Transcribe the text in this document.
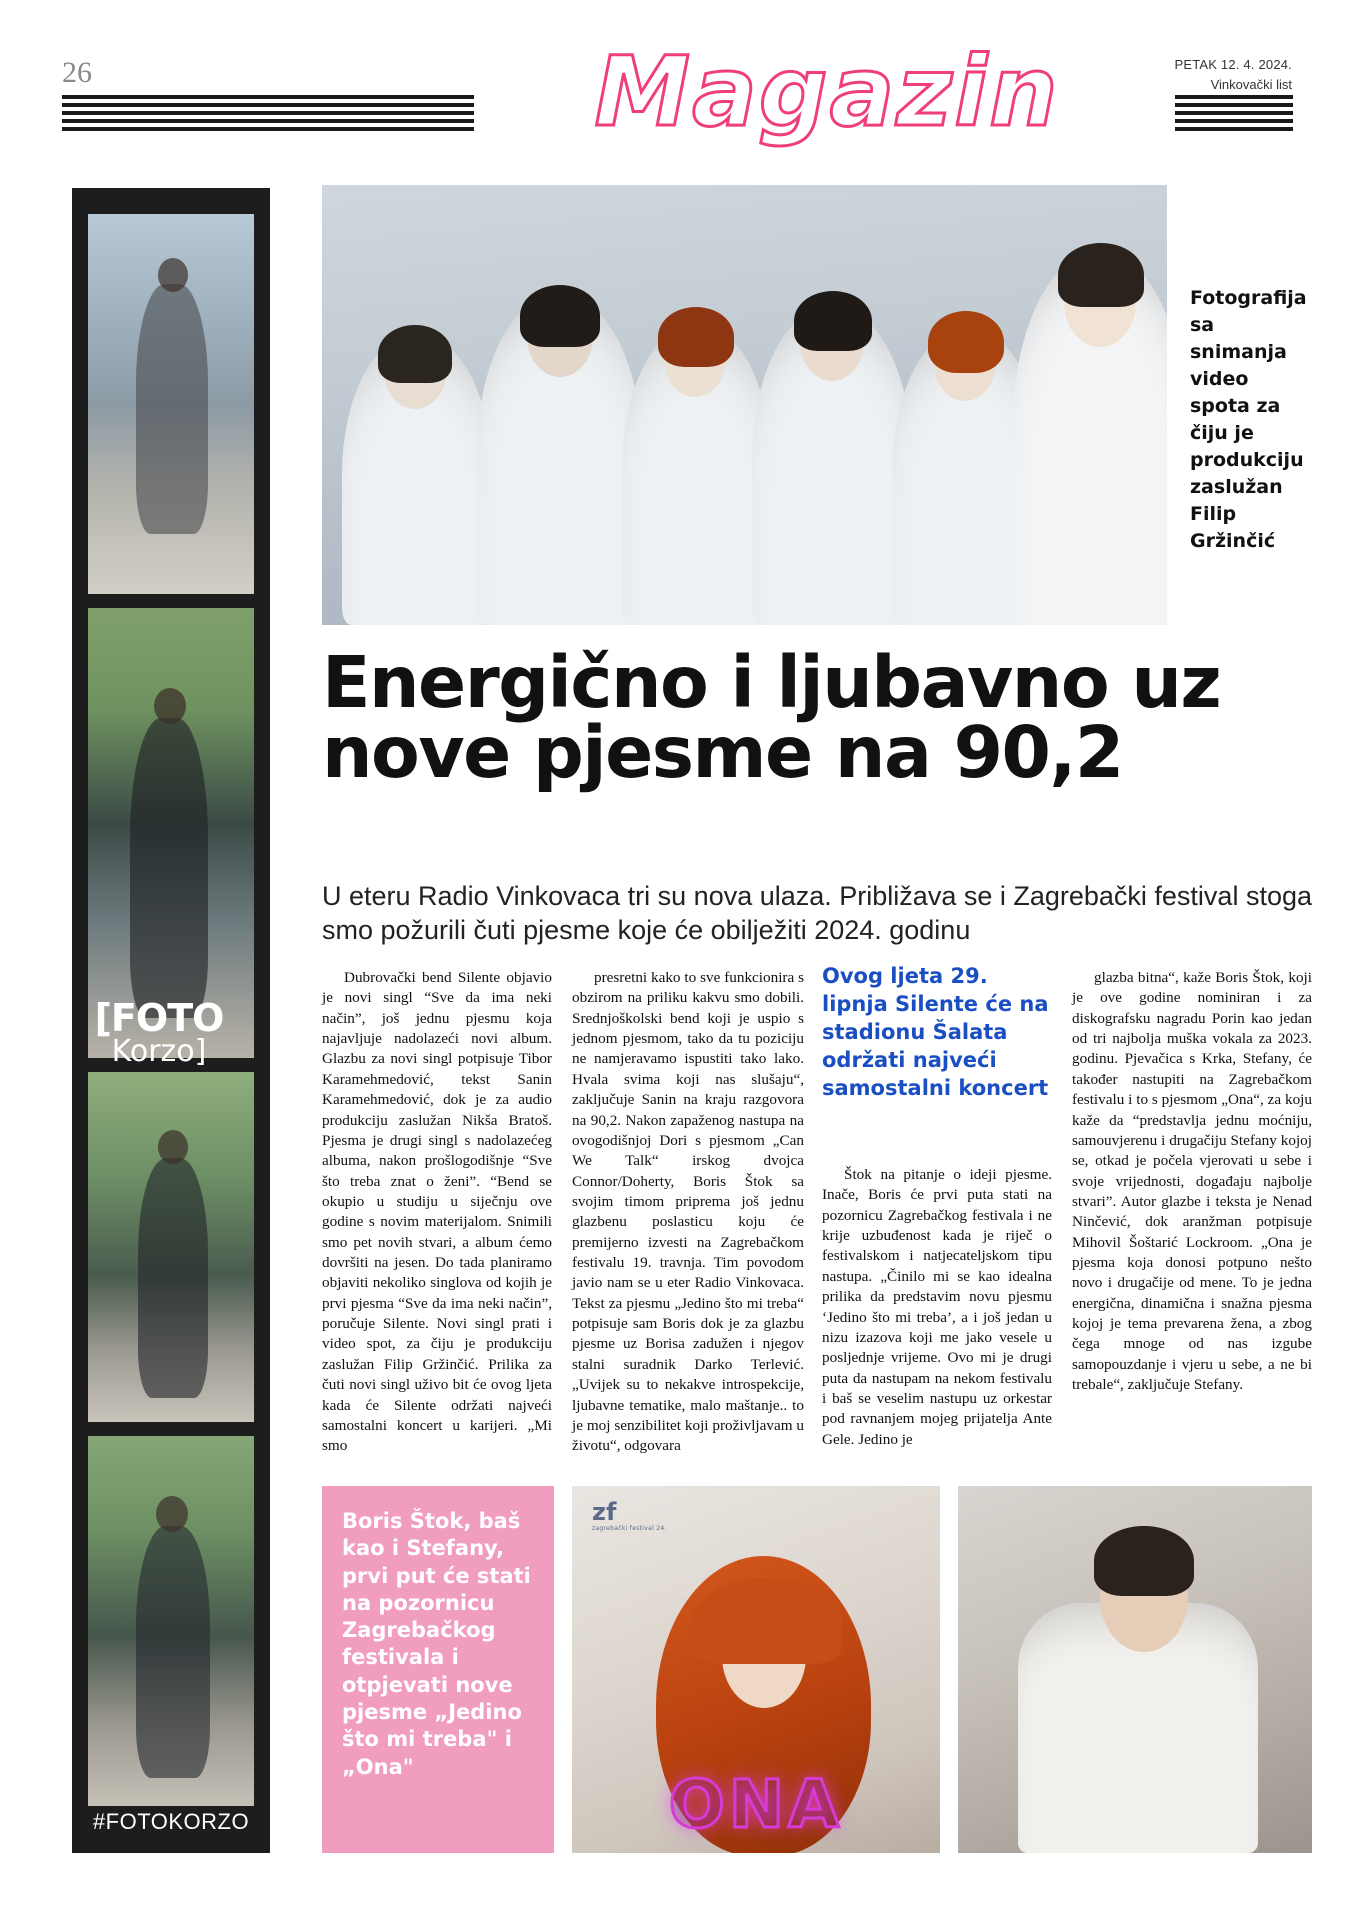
26	Magazin	PETAK 12. 4. 2024.
Vinkovački list
#FOTOKORZO
[FOTO
Korzo]
Fotografija sa snimanja video spota za čiju je produkciju zaslužan Filip Gržinčić
Energično i ljubavno uz nove pjesme na 90,2
U eteru Radio Vinkovaca tri su nova ulaza. Približava se i Zagrebački festival stoga smo požurili čuti pjesme koje će obilježiti 2024. godinu

Dubrovački bend Silente objavio je novi singl “Sve da ima neki način”, još jednu pjesmu koja najavljuje nadolazeći novi album. Glazbu za novi singl potpisuje Tibor Karamehmedović, tekst Sanin Karamehmedović, dok je za audio produkciju zaslužan Nikša Bratoš. Pjesma je drugi singl s nadolazećeg albuma, nakon prošlogodišnje “Sve što treba znat o ženi”. “Bend se okupio u studiju u siječnju ove godine s novim materijalom. Snimili smo pet novih stvari, a album ćemo dovršiti na jesen. Do tada planiramo objaviti nekoliko singlova od kojih je prvi pjesma “Sve da ima neki način”, poručuje Silente. Novi singl prati i video spot, za čiju je produkciju zaslužan Filip Gržinčić. Prilika za čuti novi singl uživo bit će ovog ljeta kada će Silente održati najveći samostalni koncert u karijeri. „Mi smo

presretni kako to sve funkcionira s obzirom na priliku kakvu smo dobili. Srednjoškolski bend koji je uspio s jednom pjesmom, tako da tu poziciju ne namjeravamo ispustiti tako lako. Hvala svima koji nas slušaju“, zaključuje Sanin na kraju razgovora na 90,2. Nakon zapaženog nastupa na ovogodišnjoj Dori s pjesmom „Can We Talk“ irskog dvojca Connor/Doherty, Boris Štok sa svojim timom priprema još jednu glazbenu poslasticu koju će premijerno izvesti na Zagrebačkom festivalu 19. travnja. Tim povodom javio nam se u eter Radio Vinkovaca. Tekst za pjesmu „Jedino što mi treba“ potpisuje sam Boris dok je za glazbu pjesme uz Borisa zadužen i njegov stalni suradnik Darko Terlević. „Uvijek su to nekakve introspekcije, ljubavne tematike, malo maštanje.. to je moj senzibilitet koji proživljavam u životu“, odgovara

Ovog ljeta 29. lipnja Silente će na stadionu Šalata održati najveći samostalni koncert

Štok na pitanje o ideji pjesme. Inače, Boris će prvi puta stati na pozornicu Zagrebačkog festivala i ne krije uzbuđenost kada je riječ o festivalskom i natjecateljskom tipu nastupa. „Činilo mi se kao idealna prilika da predstavim novu pjesmu ‘Jedino što mi treba’, a i još jedan u nizu izazova koji me jako vesele u posljednje vrijeme. Ovo mi je drugi puta da nastupam na nekom festivalu i baš se veselim nastupu uz orkestar pod ravnanjem mojeg prijatelja Ante Gele. Jedino je

glazba bitna“, kaže Boris Štok, koji je ove godine nominiran i za diskografsku nagradu Porin kao jedan od tri najbolja muška vokala za 2023. godinu. Pjevačica s Krka, Stefany, će također nastupiti na Zagrebačkom festivalu i to s pjesmom „Ona“, za koju kaže da “predstavlja jednu moćniju, samouvjerenu i drugačiju Stefany kojoj se, otkad je počela vjerovati u sebe i svoje vrijednosti, događaju najbolje stvari”. Autor glazbe i teksta je Nenad Ninčević, dok aranžman potpisuje Mihovil Šoštarić Lockroom. „Ona je pjesma koja donosi potpuno nešto novo i drugačije od mene. To je jedna energična, dinamična i snažna pjesma kojoj je tema prevarena žena, a zbog čega mnoge od nas izgube samopouzdanje i vjeru u sebe, a ne bi trebale“, zaključuje Stefany.

Boris Štok, baš kao i Stefany, prvi put će stati na pozornicu Zagrebačkog festivala i otpjevati nove pjesme „Jedino što mi treba" i „Ona"
zf
zagrebački festival 24.
ONA
